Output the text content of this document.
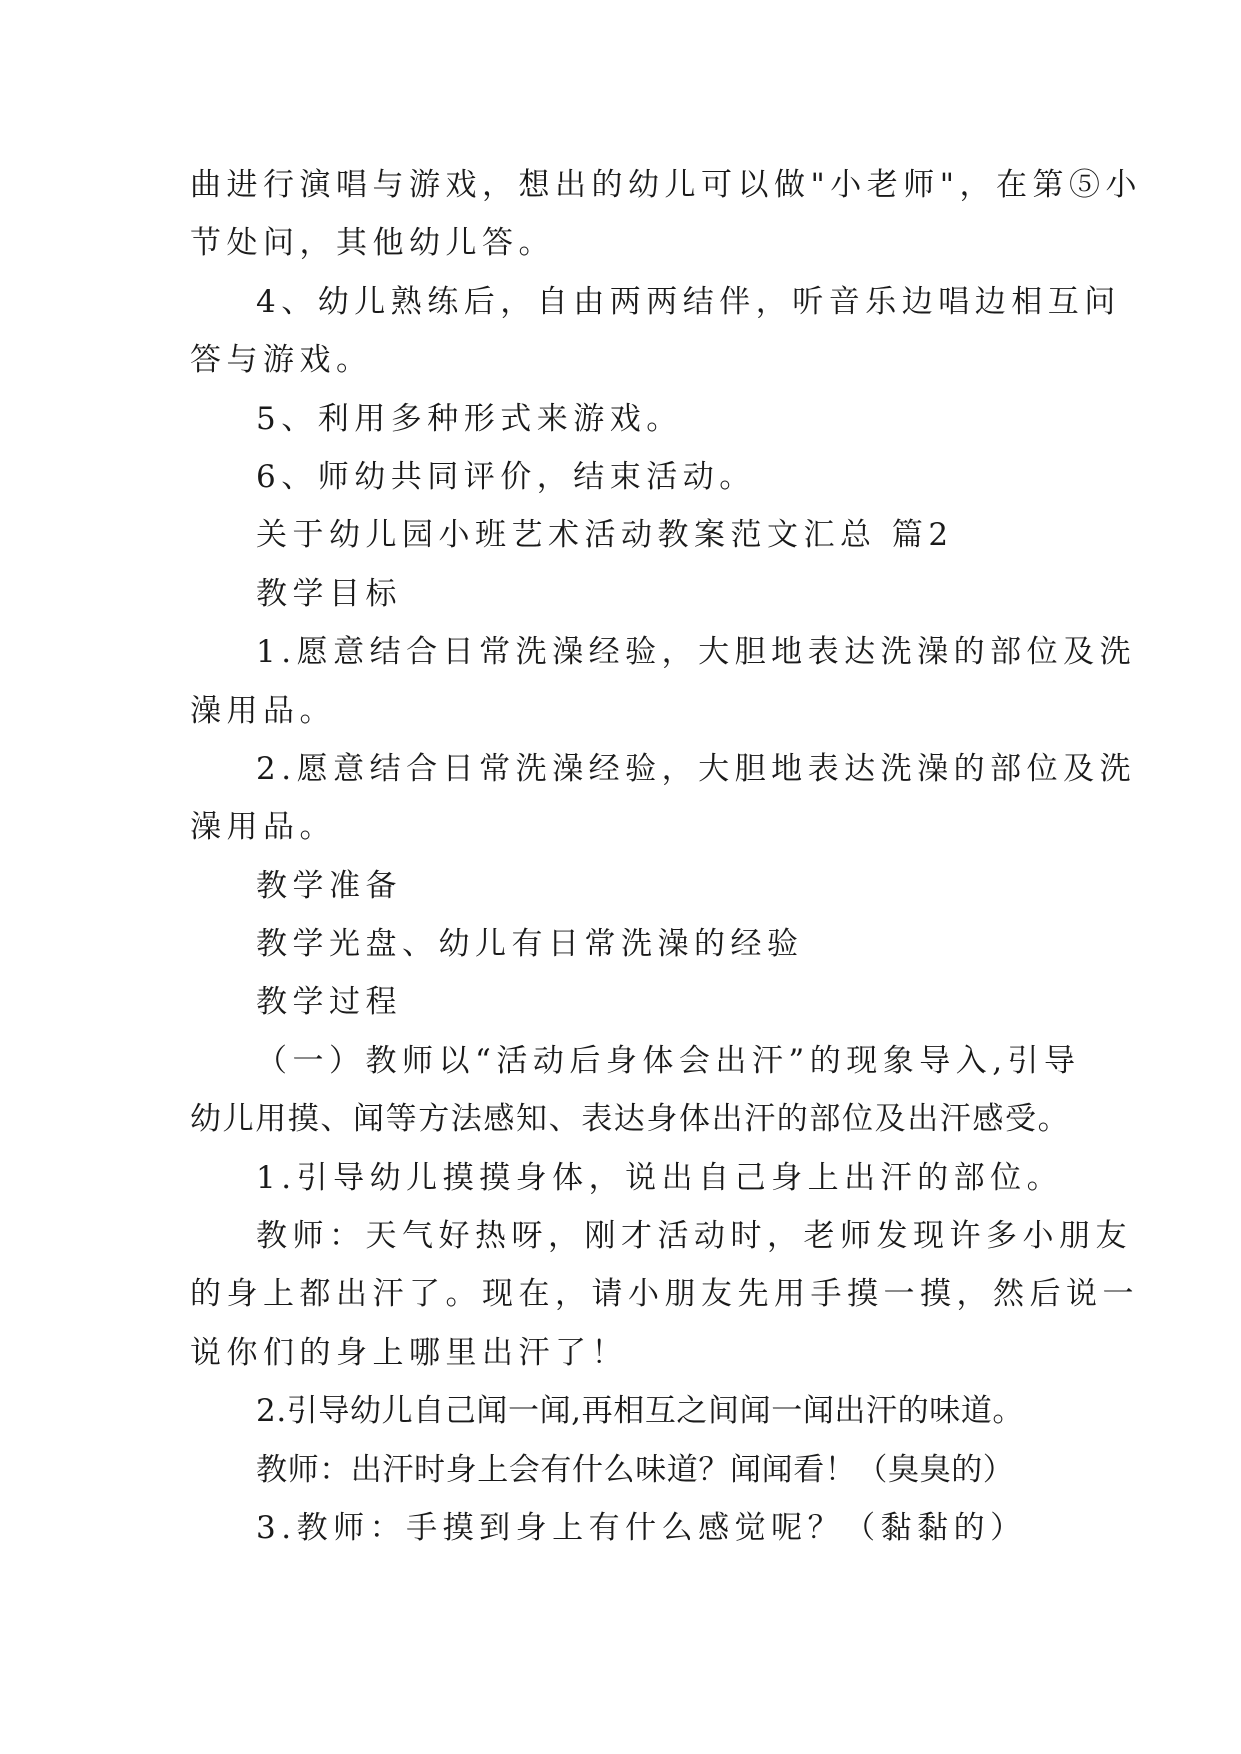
曲进行演唱与游戏，想出的幼儿可以做"小老师"，在第⑤小
节处问，其他幼儿答。
4、幼儿熟练后，自由两两结伴，听音乐边唱边相互问
答与游戏。
5、利用多种形式来游戏。
6、师幼共同评价，结束活动。
关于幼儿园小班艺术活动教案范文汇总 篇2
教学目标
1.愿意结合日常洗澡经验，大胆地表达洗澡的部位及洗
澡用品。
2.愿意结合日常洗澡经验，大胆地表达洗澡的部位及洗
澡用品。
教学准备
教学光盘、幼儿有日常洗澡的经验
教学过程
（一）教师以“活动后身体会出汗”的现象导入,引导
幼儿用摸、闻等方法感知、表达身体出汗的部位及出汗感受。
1.引导幼儿摸摸身体，说出自己身上出汗的部位。
教师：天气好热呀，刚才活动时，老师发现许多小朋友
的身上都出汗了。现在，请小朋友先用手摸一摸，然后说一
说你们的身上哪里出汗了！
2.引导幼儿自己闻一闻,再相互之间闻一闻出汗的味道。
教师：出汗时身上会有什么味道？闻闻看！（臭臭的）
3.教师：手摸到身上有什么感觉呢？（黏黏的）
